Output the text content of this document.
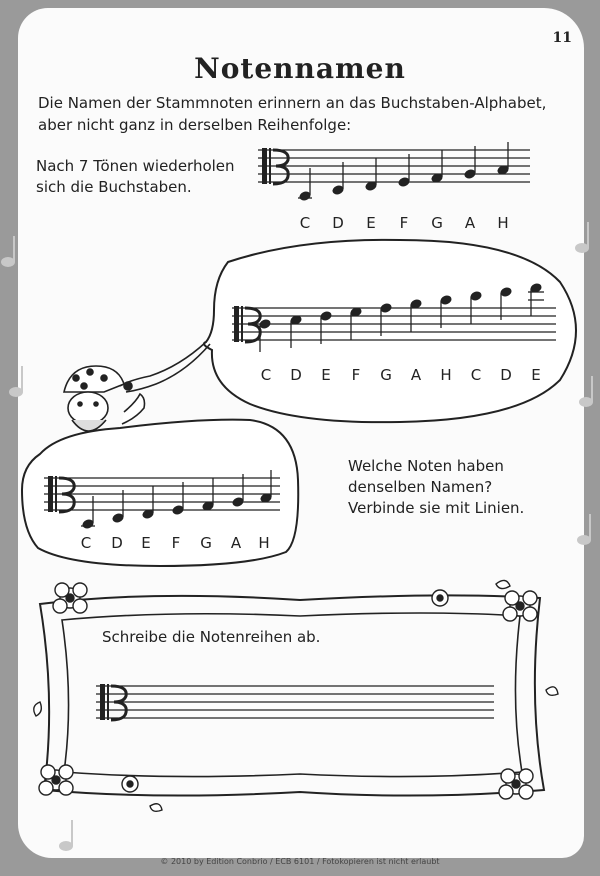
11
Notennamen
Die Namen der Stammnoten erinnern an das Buchstaben-Alphabet, aber nicht ganz in derselben Reihenfolge:
Nach 7 Tönen wiederholen sich die Buchstaben.
C D E F G A H
C D E F G A H C D E
C D E F G A H
Welche Noten haben denselben Namen? Verbinde sie mit Linien.
Schreibe die Notenreihen ab.
© 2010 by Edition Conbrio / ECB 6101 / Fotokopieren ist nicht erlaubt
